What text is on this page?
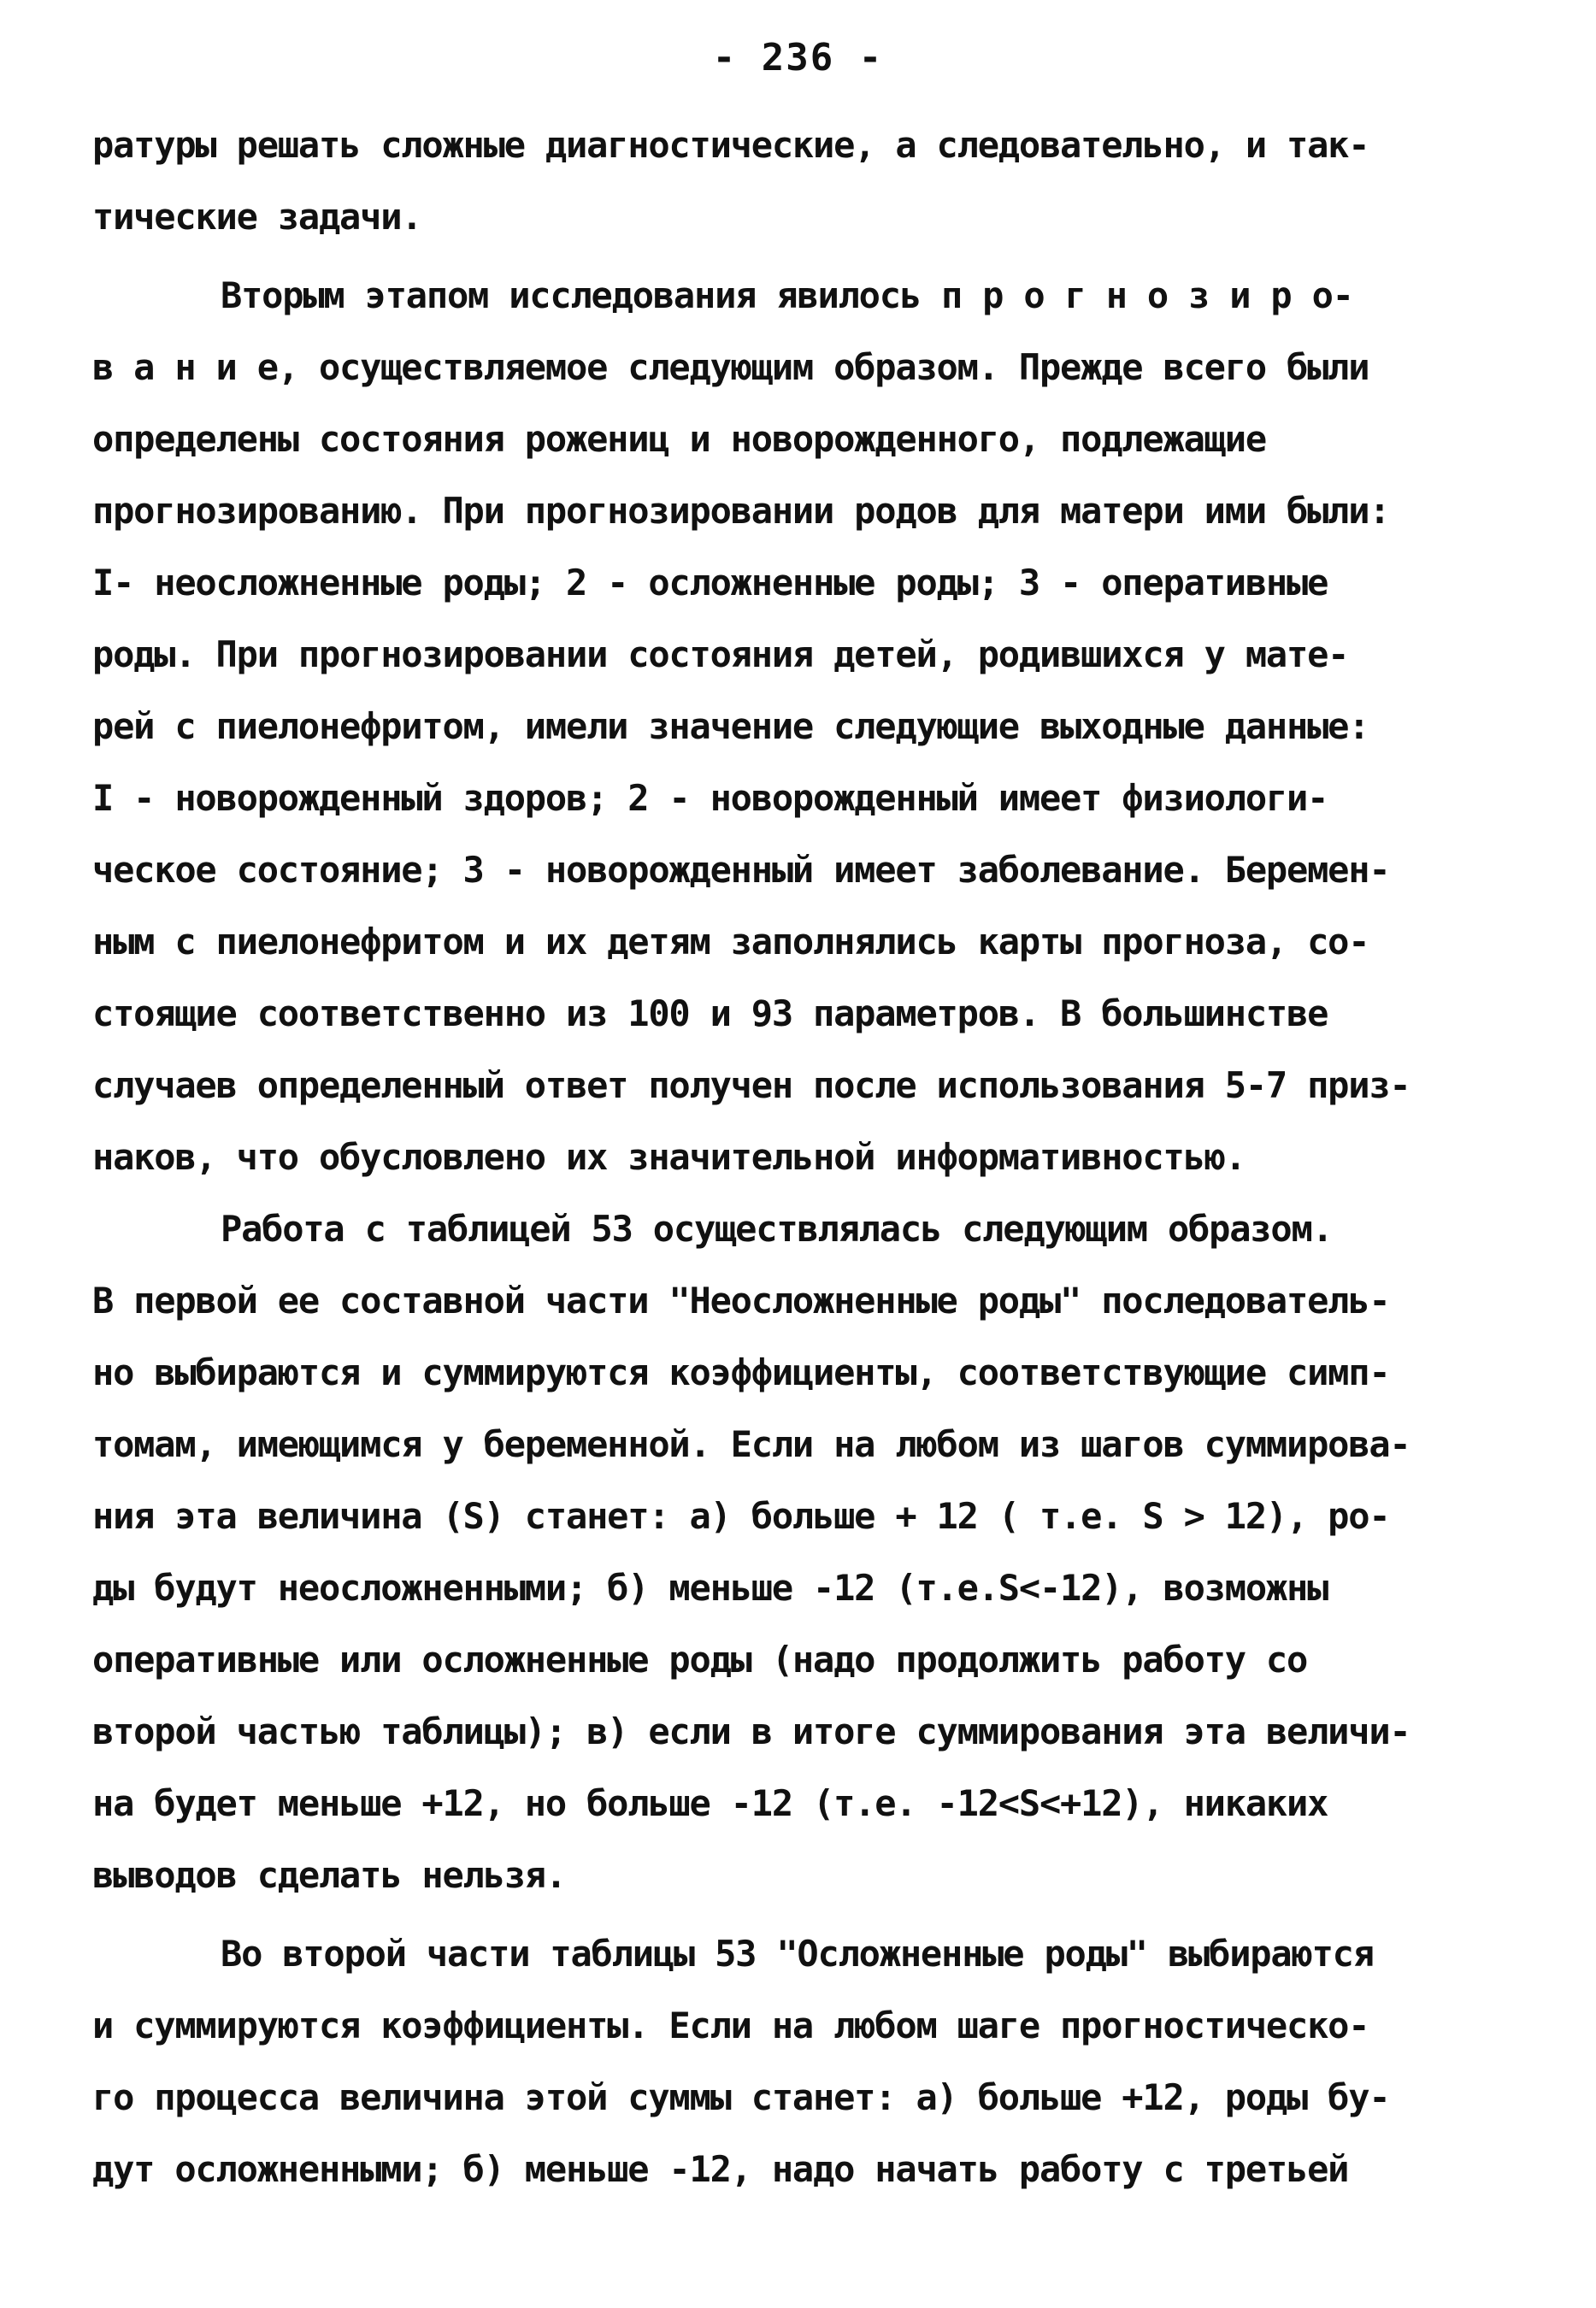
- 236 -
ратуры решать сложные диагностические, а следовательно, и так-
тические задачи.
Вторым этапом исследования явилось п р о г н о з и р о-
в а н и е, осуществляемое следующим образом. Прежде всего были
определены состояния рожениц и новорожденного, подлежащие
прогнозированию. При прогнозировании родов для матери ими были:
I- неосложненные роды; 2 - осложненные роды; 3 - оперативные
роды. При прогнозировании состояния детей, родившихся у мате-
рей с пиелонефритом, имели значение следующие выходные данные:
I - новорожденный здоров; 2 - новорожденный имеет физиологи-
ческое состояние; 3 - новорожденный имеет заболевание. Беремен-
ным с пиелонефритом и их детям заполнялись карты прогноза, со-
стоящие соответственно из 100 и 93 параметров. В большинстве
случаев определенный ответ получен после использования 5-7 приз-
наков, что обусловлено их значительной информативностью.
Работа с таблицей 53 осуществлялась следующим образом.
В первой ее составной части "Неосложненные роды" последователь-
но выбираются и суммируются коэффициенты, соответствующие симп-
томам, имеющимся у беременной. Если на любом из шагов суммирова-
ния эта величина (S) станет: а) больше + 12 ( т.е. S > 12), ро-
ды будут неосложненными; б) меньше -12 (т.е.S<-12), возможны
оперативные или осложненные роды (надо продолжить работу со
второй частью таблицы); в) если в итоге суммирования эта величи-
на будет меньше +12, но больше -12 (т.е. -12<S<+12), никаких
выводов сделать нельзя.
Во второй части таблицы 53 "Осложненные роды" выбираются
и суммируются коэффициенты. Если на любом шаге прогностическо-
го процесса величина этой суммы станет: а) больше +12, роды бу-
дут осложненными; б) меньше -12, надо начать работу с третьей
